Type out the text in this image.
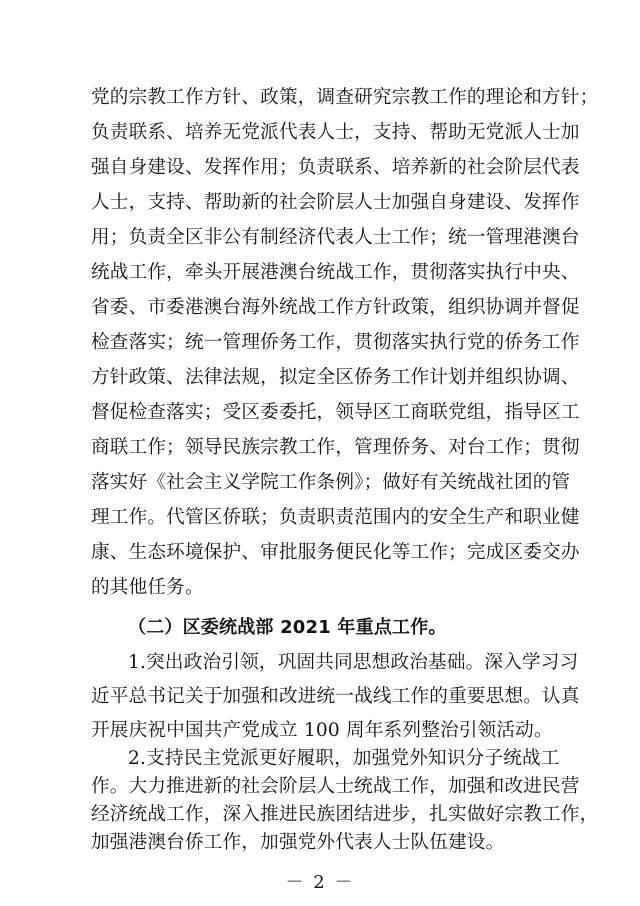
党的宗教工作方针、政策，调查研究宗教工作的理论和方针；
负责联系、培养无党派代表人士，支持、帮助无党派人士加
强自身建设、发挥作用；负责联系、培养新的社会阶层代表
人士，支持、帮助新的社会阶层人士加强自身建设、发挥作
用；负责全区非公有制经济代表人士工作；统一管理港澳台
统战工作，牵头开展港澳台统战工作，贯彻落实执行中央、
省委、市委港澳台海外统战工作方针政策，组织协调并督促
检查落实；统一管理侨务工作，贯彻落实执行党的侨务工作
方针政策、法律法规，拟定全区侨务工作计划并组织协调、
督促检查落实；受区委委托，领导区工商联党组，指导区工
商联工作；领导民族宗教工作，管理侨务、对台工作；贯彻
落实好《社会主义学院工作条例》；做好有关统战社团的管
理工作。代管区侨联；负责职责范围内的安全生产和职业健
康、生态环境保护、审批服务便民化等工作；完成区委交办
的其他任务。
（二）区委统战部 2021 年重点工作。
1.突出政治引领，巩固共同思想政治基础。深入学习习
近平总书记关于加强和改进统一战线工作的重要思想。认真
开展庆祝中国共产党成立 100 周年系列整治引领活动。
2.支持民主党派更好履职，加强党外知识分子统战工
作。大力推进新的社会阶层人士统战工作，加强和改进民营
－ 2 －
经济统战工作，深入推进民族团结进步，扎实做好宗教工作，
加强港澳台侨工作，加强党外代表人士队伍建设。
